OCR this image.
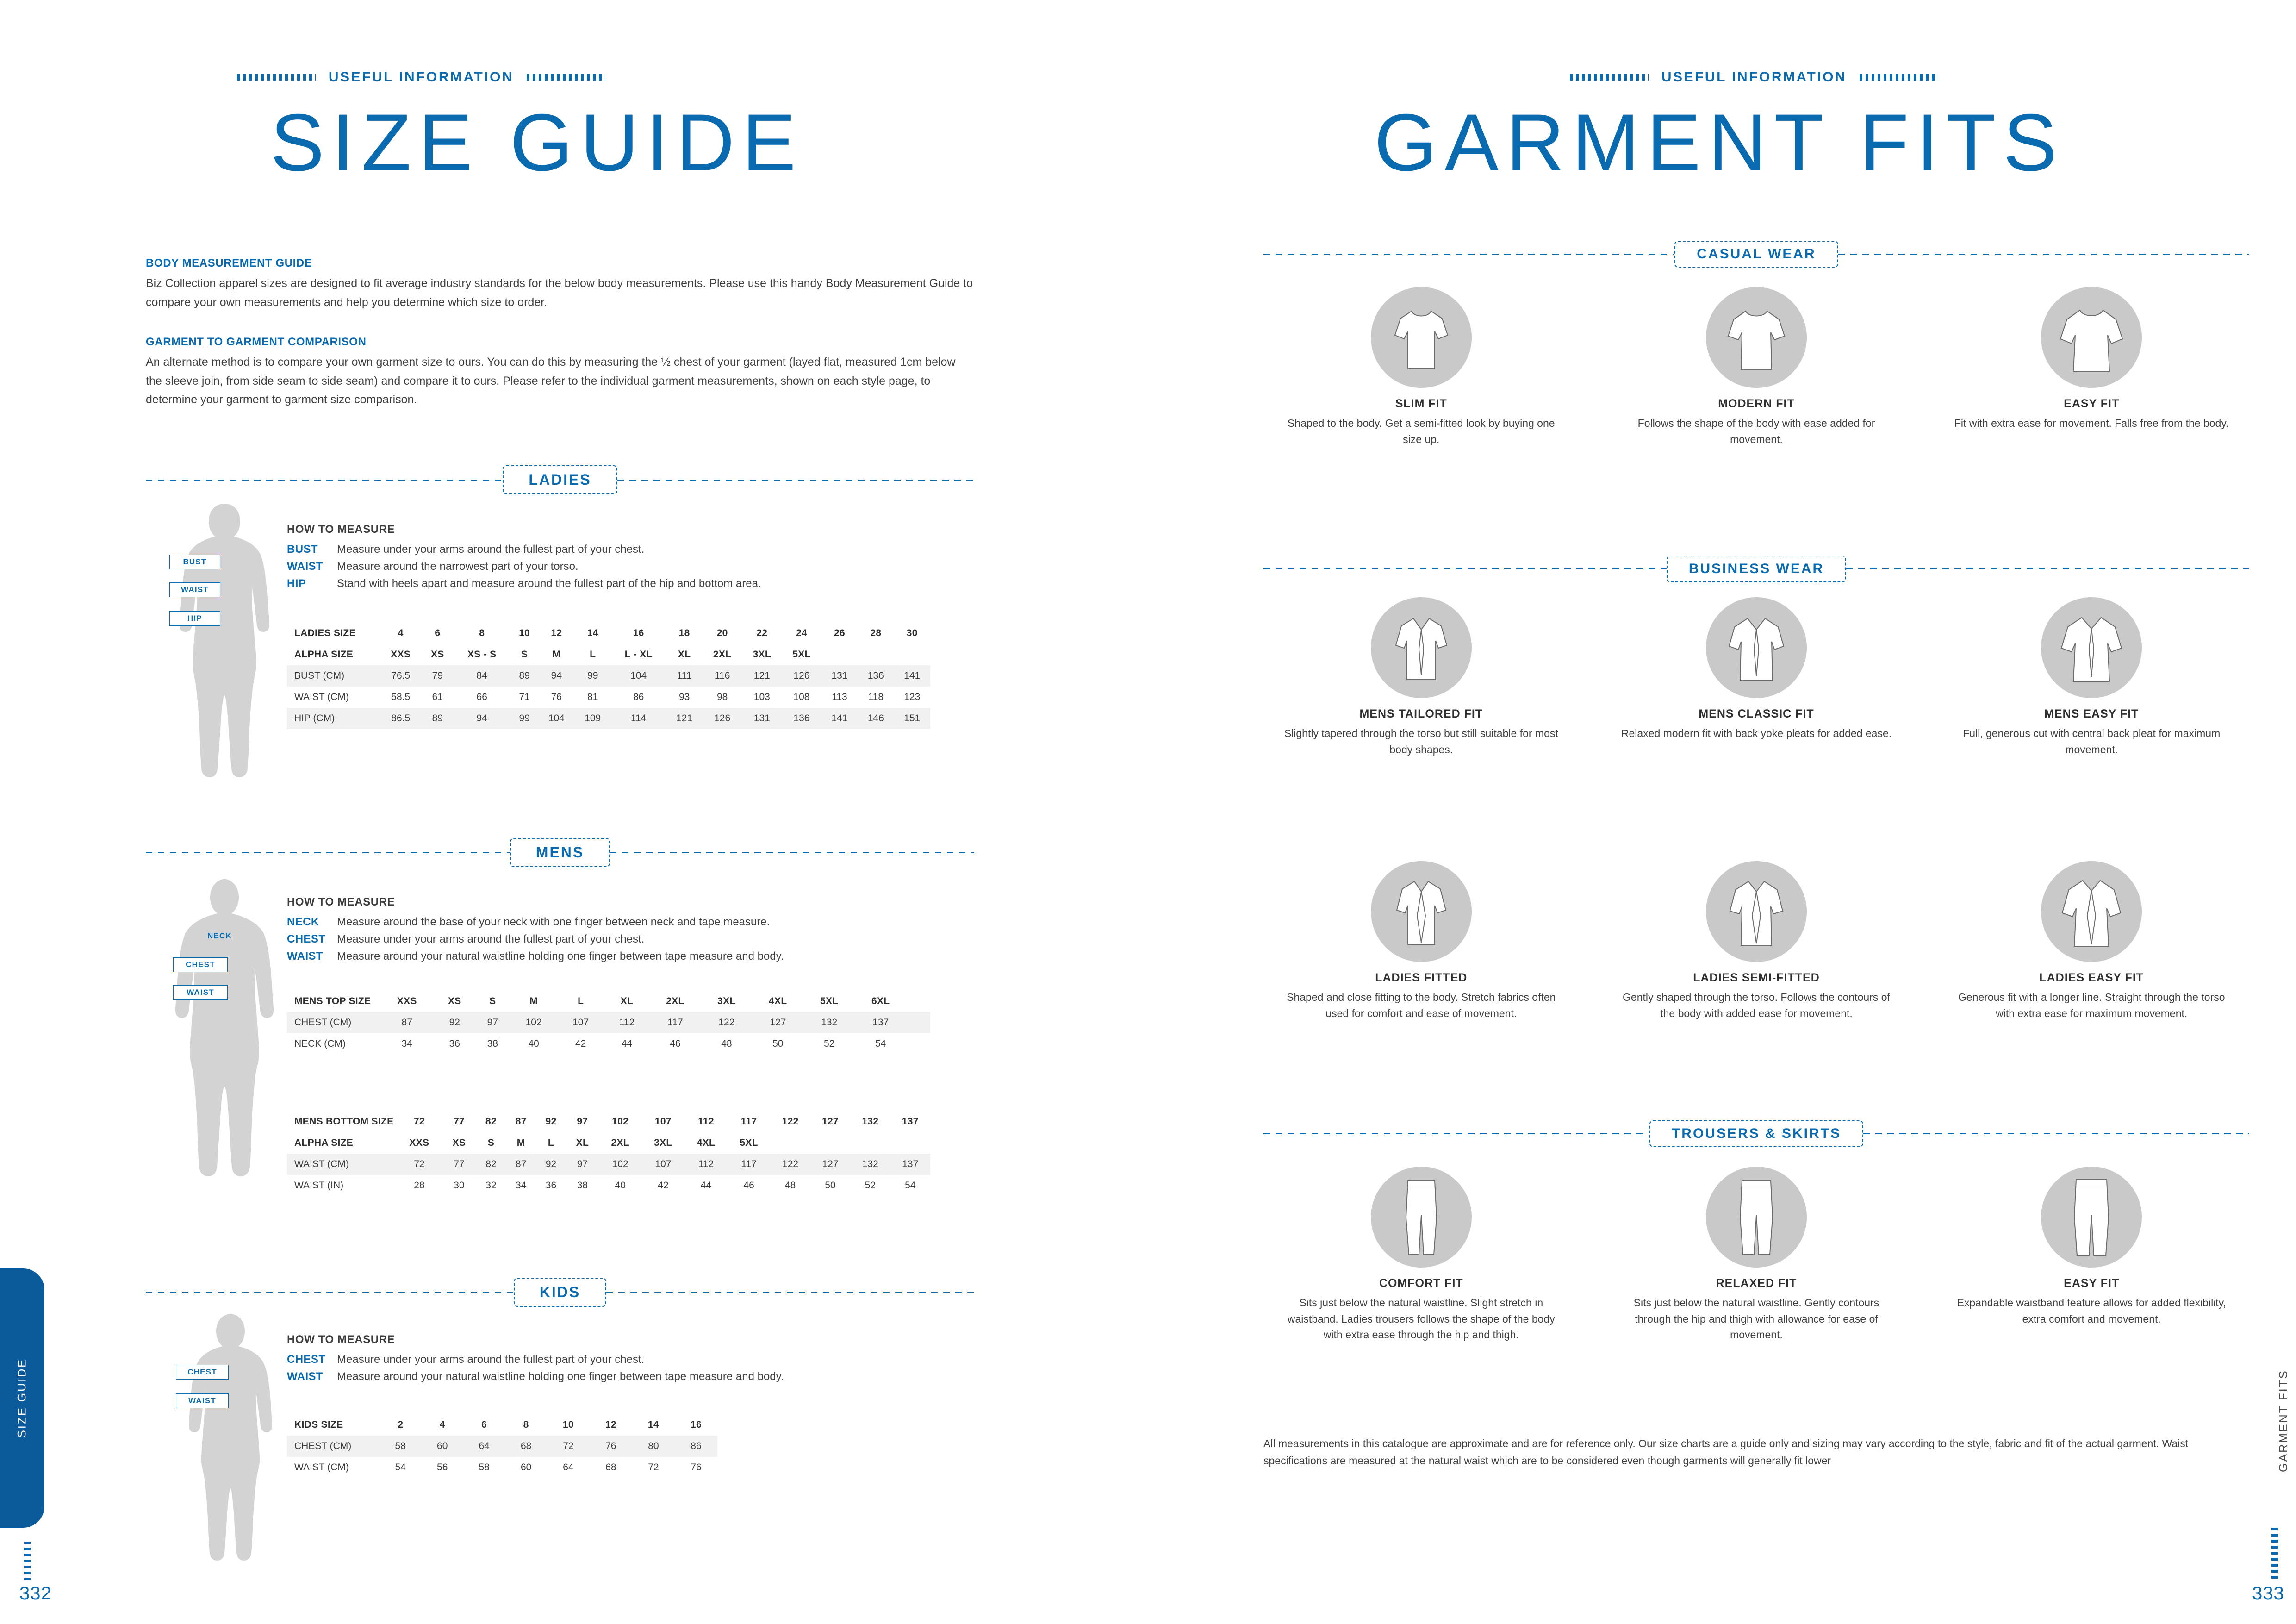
USEFUL INFORMATION
SIZE GUIDE
BODY MEASUREMENT GUIDE
Biz Collection apparel sizes are designed to fit average industry standards for the below body measurements. Please use this handy Body Measurement Guide to compare your own measurements and help you determine which size to order.
GARMENT TO GARMENT COMPARISON
An alternate method is to compare your own garment size to ours. You can do this by measuring the ½ chest of your garment (layed flat, measured 1cm below the sleeve join, from side seam to side seam) and compare it to ours. Please refer to the individual garment measurements, shown on each style page, to determine your garment to garment size comparison.
LADIES
BUST
WAIST
HIP
HOW TO MEASURE
BUST	Measure under your arms around the fullest part of your chest.
WAIST	Measure around the narrowest part of your torso.
HIP	Stand with heels apart and measure around the fullest part of the hip and bottom area.
LADIES SIZE	4	6	8	10	12	14	16	18	20	22	24	26	28	30
ALPHA SIZE	XXS	XS	XS - S	S	M	L	L - XL	XL	2XL	3XL	5XL			
BUST (CM)	76.5	79	84	89	94	99	104	111	116	121	126	131	136	141
WAIST (CM)	58.5	61	66	71	76	81	86	93	98	103	108	113	118	123
HIP (CM)	86.5	89	94	99	104	109	114	121	126	131	136	141	146	151
MENS
NECK
CHEST
WAIST
HOW TO MEASURE
NECK	Measure around the base of your neck with one finger between neck and tape measure.
CHEST	Measure under your arms around the fullest part of your chest.
WAIST	Measure around your natural waistline holding one finger between tape measure and body.
MENS TOP SIZE	XXS	XS	S	M	L	XL	2XL	3XL	4XL	5XL	6XL		
CHEST (CM)	87	92	97	102	107	112	117	122	127	132	137		
NECK (CM)	34	36	38	40	42	44	46	48	50	52	54		
MENS BOTTOM SIZE	72	77	82	87	92	97	102	107	112	117	122	127	132	137
ALPHA SIZE	XXS	XS	S	M	L	XL	2XL	3XL	4XL	5XL				
WAIST (CM)	72	77	82	87	92	97	102	107	112	117	122	127	132	137
WAIST (IN)	28	30	32	34	36	38	40	42	44	46	48	50	52	54
KIDS
CHEST
WAIST
HOW TO MEASURE
CHEST	Measure under your arms around the fullest part of your chest.
WAIST	Measure around your natural waistline holding one finger between tape measure and body.
KIDS SIZE	2	4	6	8	10	12	14	16
CHEST (CM)	58	60	64	68	72	76	80	86
WAIST (CM)	54	56	58	60	64	68	72	76
SIZE GUIDE
332
USEFUL INFORMATION
GARMENT FITS
CASUAL WEAR
SLIM FIT
Shaped to the body. Get a semi-fitted look by buying one size up.
MODERN FIT
Follows the shape of the body with ease added for movement.
EASY FIT
Fit with extra ease for movement. Falls free from the body.
BUSINESS WEAR
MENS TAILORED FIT
Slightly tapered through the torso but still suitable for most body shapes.
MENS CLASSIC FIT
Relaxed modern fit with back yoke pleats for added ease.
MENS EASY FIT
Full, generous cut with central back pleat for maximum movement.
LADIES FITTED
Shaped and close fitting to the body. Stretch fabrics often used for comfort and ease of movement.
LADIES SEMI-FITTED
Gently shaped through the torso. Follows the contours of the body with added ease for movement.
LADIES EASY FIT
Generous fit with a longer line. Straight through the torso with extra ease for maximum movement.
TROUSERS & SKIRTS
COMFORT FIT
Sits just below the natural waistline. Slight stretch in waistband. Ladies trousers follows the shape of the body with extra ease through the hip and thigh.
RELAXED FIT
Sits just below the natural waistline. Gently contours through the hip and thigh with allowance for ease of movement.
EASY FIT
Expandable waistband feature allows for added flexibility, extra comfort and movement.
All measurements in this catalogue are approximate and are for reference only. Our size charts are a guide only and sizing may vary according to the style, fabric and fit of the actual garment. Waist specifications are measured at the natural waist which are to be considered even though garments will generally fit lower	GARMENT FITS
333
